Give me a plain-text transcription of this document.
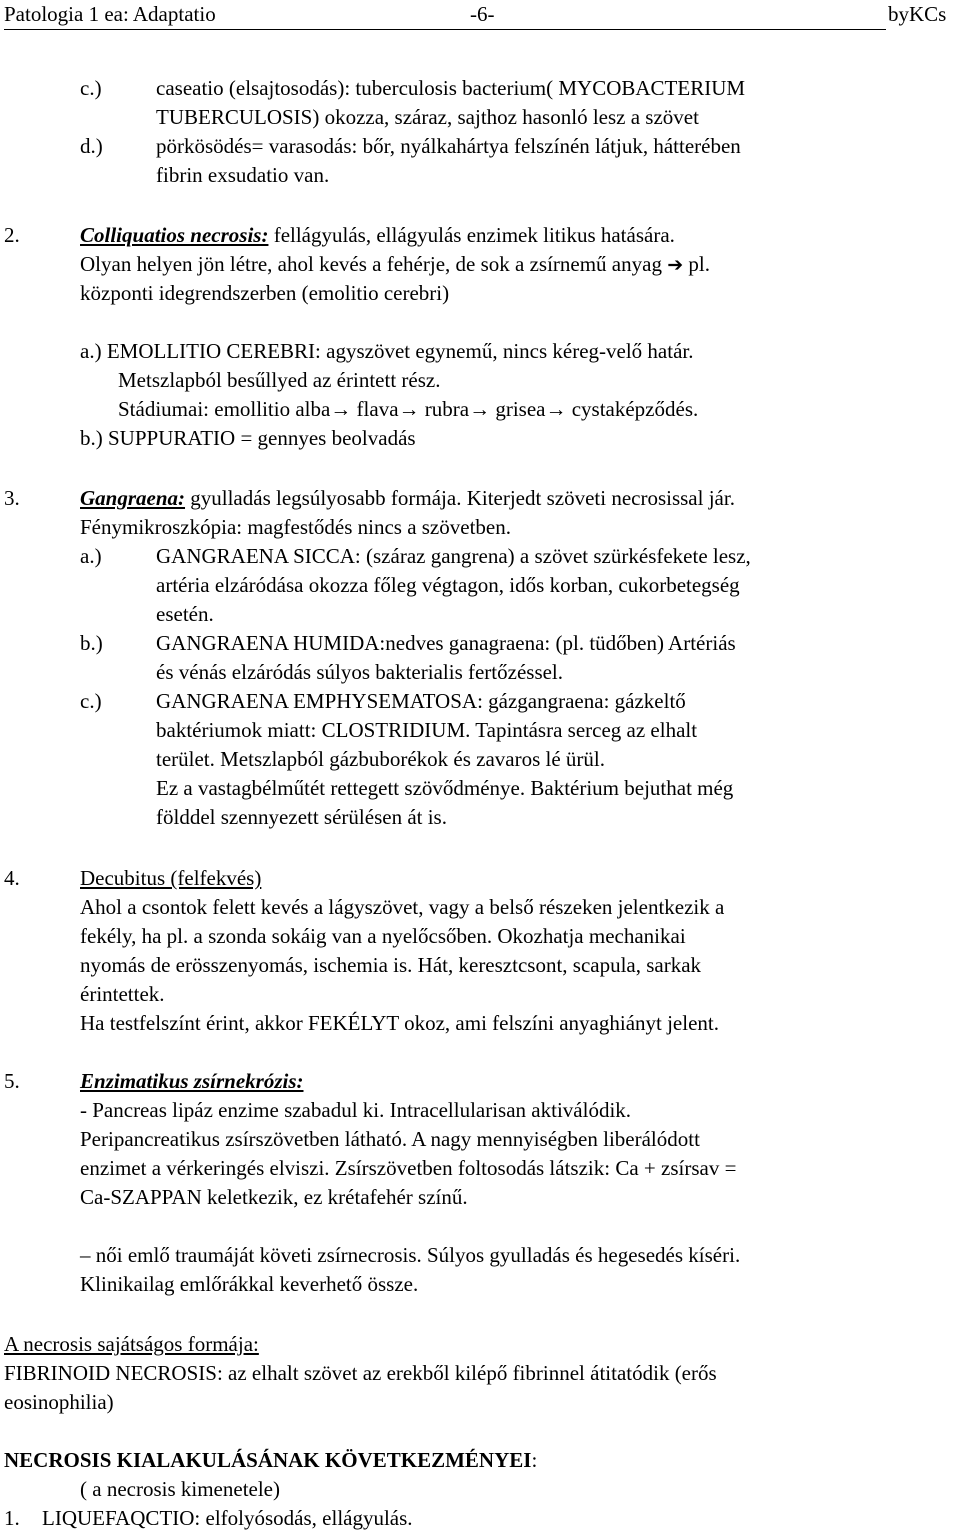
Patologia 1 ea: Adaptatio	-6-	byKCs
c.)	caseatio (elsajtosodás): tuberculosis bacterium( MYCOBACTERIUM
TUBERCULOSIS) okozza, száraz, sajthoz hasonló lesz a szövet
d.)	pörkösödés= varasodás: bőr, nyálkahártya felszínén látjuk, hátterében
fibrin exsudatio van.
2.	Colliquatios necrosis: fellágyulás, ellágyulás enzimek litikus hatására.
Olyan helyen jön létre, ahol kevés a fehérje, de sok a zsírnemű anyag ➔ pl.
központi idegrendszerben (emolitio cerebri)
a.) EMOLLITIO CEREBRI: agyszövet egynemű, nincs kéreg-velő határ.
Metszlapból besűllyed az érintett rész.
Stádiumai: emollitio alba→ flava→ rubra→ grisea→ cystaképződés.
b.) SUPPURATIO = gennyes beolvadás
3.	Gangraena: gyulladás legsúlyosabb formája. Kiterjedt szöveti necrosissal jár.
Fénymikroszkópia: magfestődés nincs a szövetben.
a.)	GANGRAENA SICCA: (száraz gangrena) a szövet szürkésfekete lesz,
artéria elzáródása okozza főleg végtagon, idős korban, cukorbetegség
esetén.
b.)	GANGRAENA HUMIDA:nedves ganagraena: (pl. tüdőben) Artériás
és vénás elzáródás súlyos bakterialis fertőzéssel.
c.)	GANGRAENA EMPHYSEMATOSA: gázgangraena: gázkeltő
baktériumok miatt: CLOSTRIDIUM. Tapintásra serceg az elhalt
terület. Metszlapból gázbuborékok és zavaros lé ürül.
Ez a vastagbélműtét rettegett szövődménye. Baktérium bejuthat még
földdel szennyezett sérülésen át is.
4.	Decubitus (felfekvés)
Ahol a csontok felett kevés a lágyszövet, vagy a belső részeken jelentkezik a
fekély, ha pl. a szonda sokáig van a nyelőcsőben. Okozhatja mechanikai
nyomás de erösszenyomás, ischemia is. Hát, keresztcsont, scapula, sarkak
érintettek.
Ha testfelszínt érint, akkor FEKÉLYT okoz, ami felszíni anyaghiányt jelent.
5.	Enzimatikus zsírnekrózis:
- Pancreas lipáz enzime szabadul ki. Intracellularisan aktiválódik.
Peripancreatikus zsírszövetben látható. A nagy mennyiségben liberálódott
enzimet a vérkeringés elviszi. Zsírszövetben foltosodás látszik: Ca + zsírsav =
Ca-SZAPPAN keletkezik, ez krétafehér színű.
– női emlő traumáját követi zsírnecrosis. Súlyos gyulladás és hegesedés kíséri.
Klinikailag emlőrákkal keverhető össze.
A necrosis sajátságos formája:
FIBRINOID NECROSIS: az elhalt szövet az erekből kilépő fibrinnel átitatódik (erős
eosinophilia)
NECROSIS KIALAKULÁSÁNAK KÖVETKEZMÉNYEI:
( a necrosis kimenetele)
1. LIQUEFAQCTIO: elfolyósodás, ellágyulás.
